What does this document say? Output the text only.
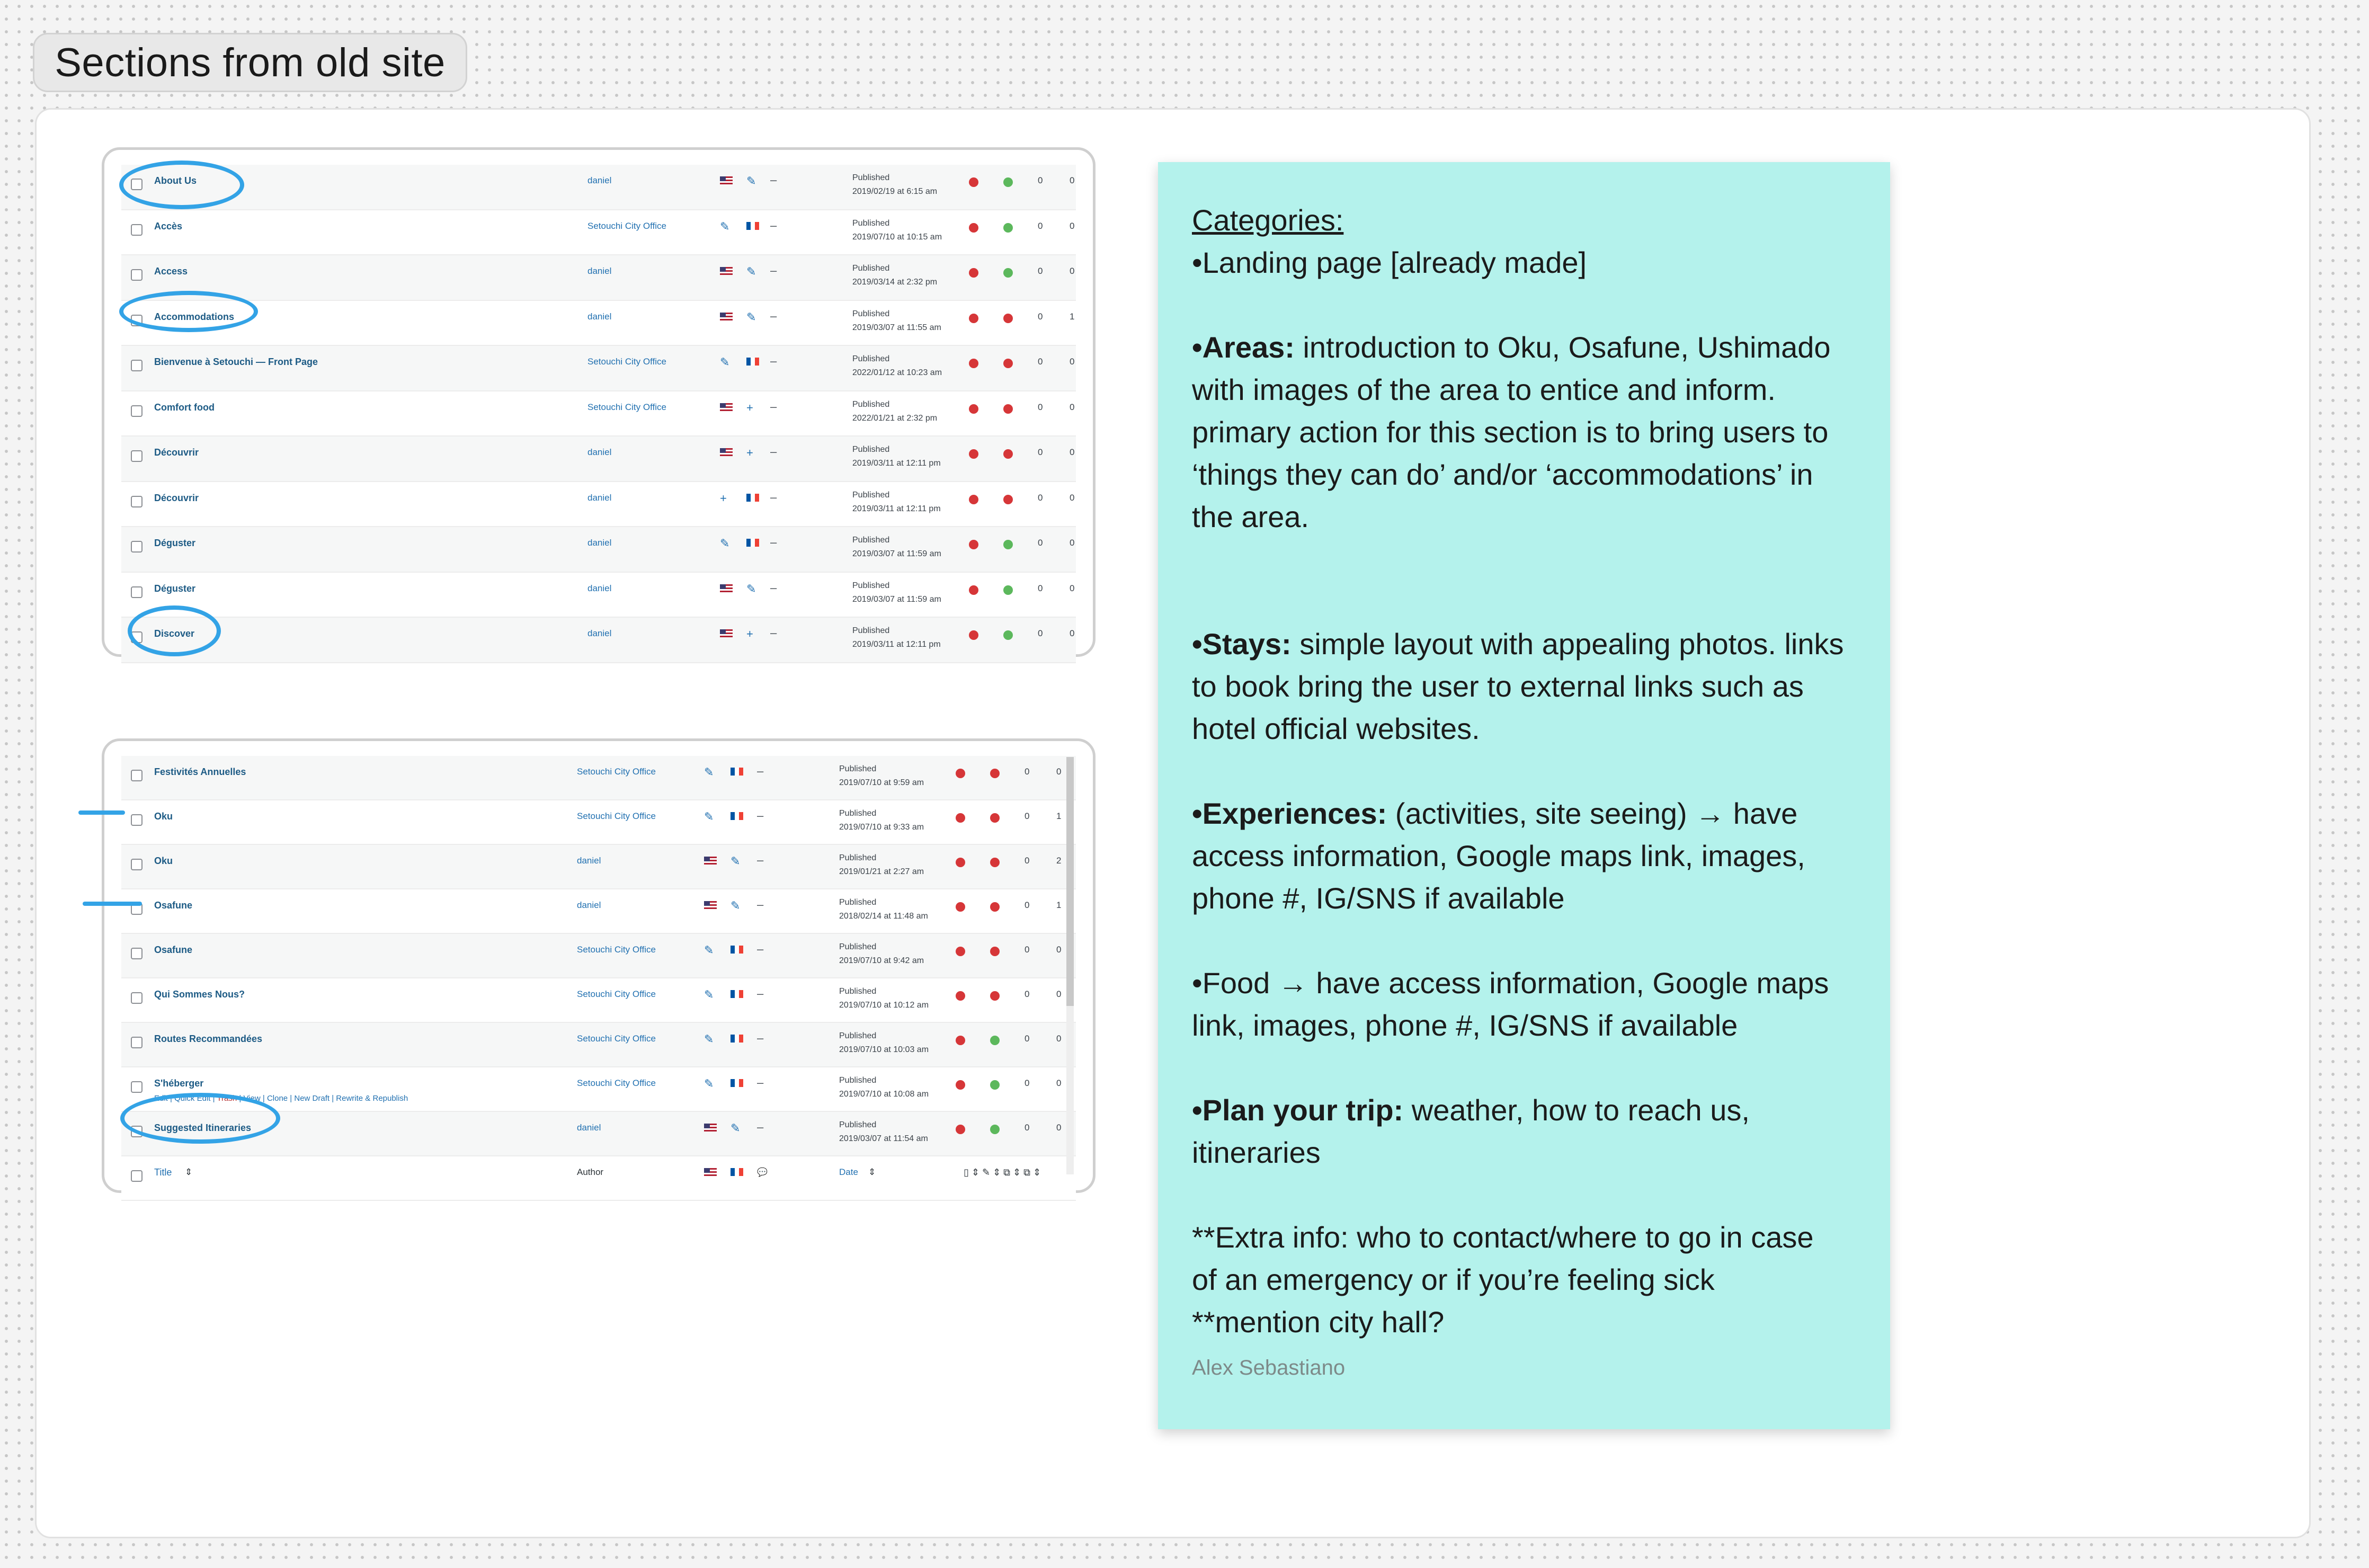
Sections from old site
About Us	daniel	✎ –	Published
2019/02/19 at 6:15 am
0	0
Accès	Setouchi City Office	✎	–	Published
2019/07/10 at 10:15 am
0	0
Access	daniel	✎ –	Published
2019/03/14 at 2:32 pm
0	0
Accommodations	daniel	✎ –	Published
2019/03/07 at 11:55 am
0	1
Bienvenue à Setouchi — Front Page	Setouchi City Office	✎	–	Published
2022/01/12 at 10:23 am
0	0
Comfort food	Setouchi City Office	+ –	Published
2022/01/21 at 2:32 pm
0	0
Découvrir	daniel	+ –	Published
2019/03/11 at 12:11 pm
0	0
Découvrir	daniel	+	–	Published
2019/03/11 at 12:11 pm
0	0
Déguster	daniel	✎	–	Published
2019/03/07 at 11:59 am
0	0
Déguster	daniel	✎ –	Published
2019/03/07 at 11:59 am
0	0
Discover	daniel	+ –	Published
2019/03/11 at 12:11 pm
0	0
Festivités Annuelles	Setouchi City Office	✎	–	Published
2019/07/10 at 9:59 am
0	0
Oku	Setouchi City Office	✎	–	Published
2019/07/10 at 9:33 am
0	1
Oku	daniel	✎ –	Published
2019/01/21 at 2:27 am
0	2
Osafune	daniel	✎ –	Published
2018/02/14 at 11:48 am
0	1
Osafune	Setouchi City Office	✎	–	Published
2019/07/10 at 9:42 am
0	0
Qui Sommes Nous?	Setouchi City Office	✎	–	Published
2019/07/10 at 10:12 am
0	0
Routes Recommandées	Setouchi City Office	✎	–	Published
2019/07/10 at 10:03 am
0	0
S'héberger	Setouchi City Office	✎	–	Published
2019/07/10 at 10:08 am
0	0
Edit | Quick Edit | Trash | View | Clone | New Draft | Rewrite & Republish
Suggested Itineraries	daniel	✎ –	Published
2019/03/07 at 11:54 am
0	0
Title ⇕	Author	💬	Date ⇕	▯ ⇕ ✎ ⇕ ⧉ ⇕ ⧉ ⇕

Categories:

•Landing page [already made]

•Areas: introduction to Oku, Osafune, Ushimado

with images of the area to entice and inform.

primary action for this section is to bring users to

‘things they can do’ and/or ‘accommodations’ in

the area.

•Stays: simple layout with appealing photos. links

to book bring the user to external links such as

hotel official websites.

•Experiences: (activities, site seeing) → have

access information, Google maps link, images,

phone #, IG/SNS if available

•Food → have access information, Google maps

link, images, phone #, IG/SNS if available

•Plan your trip: weather, how to reach us,

itineraries

**Extra info: who to contact/where to go in case

of an emergency or if you’re feeling sick

**mention city hall?

Alex Sebastiano
